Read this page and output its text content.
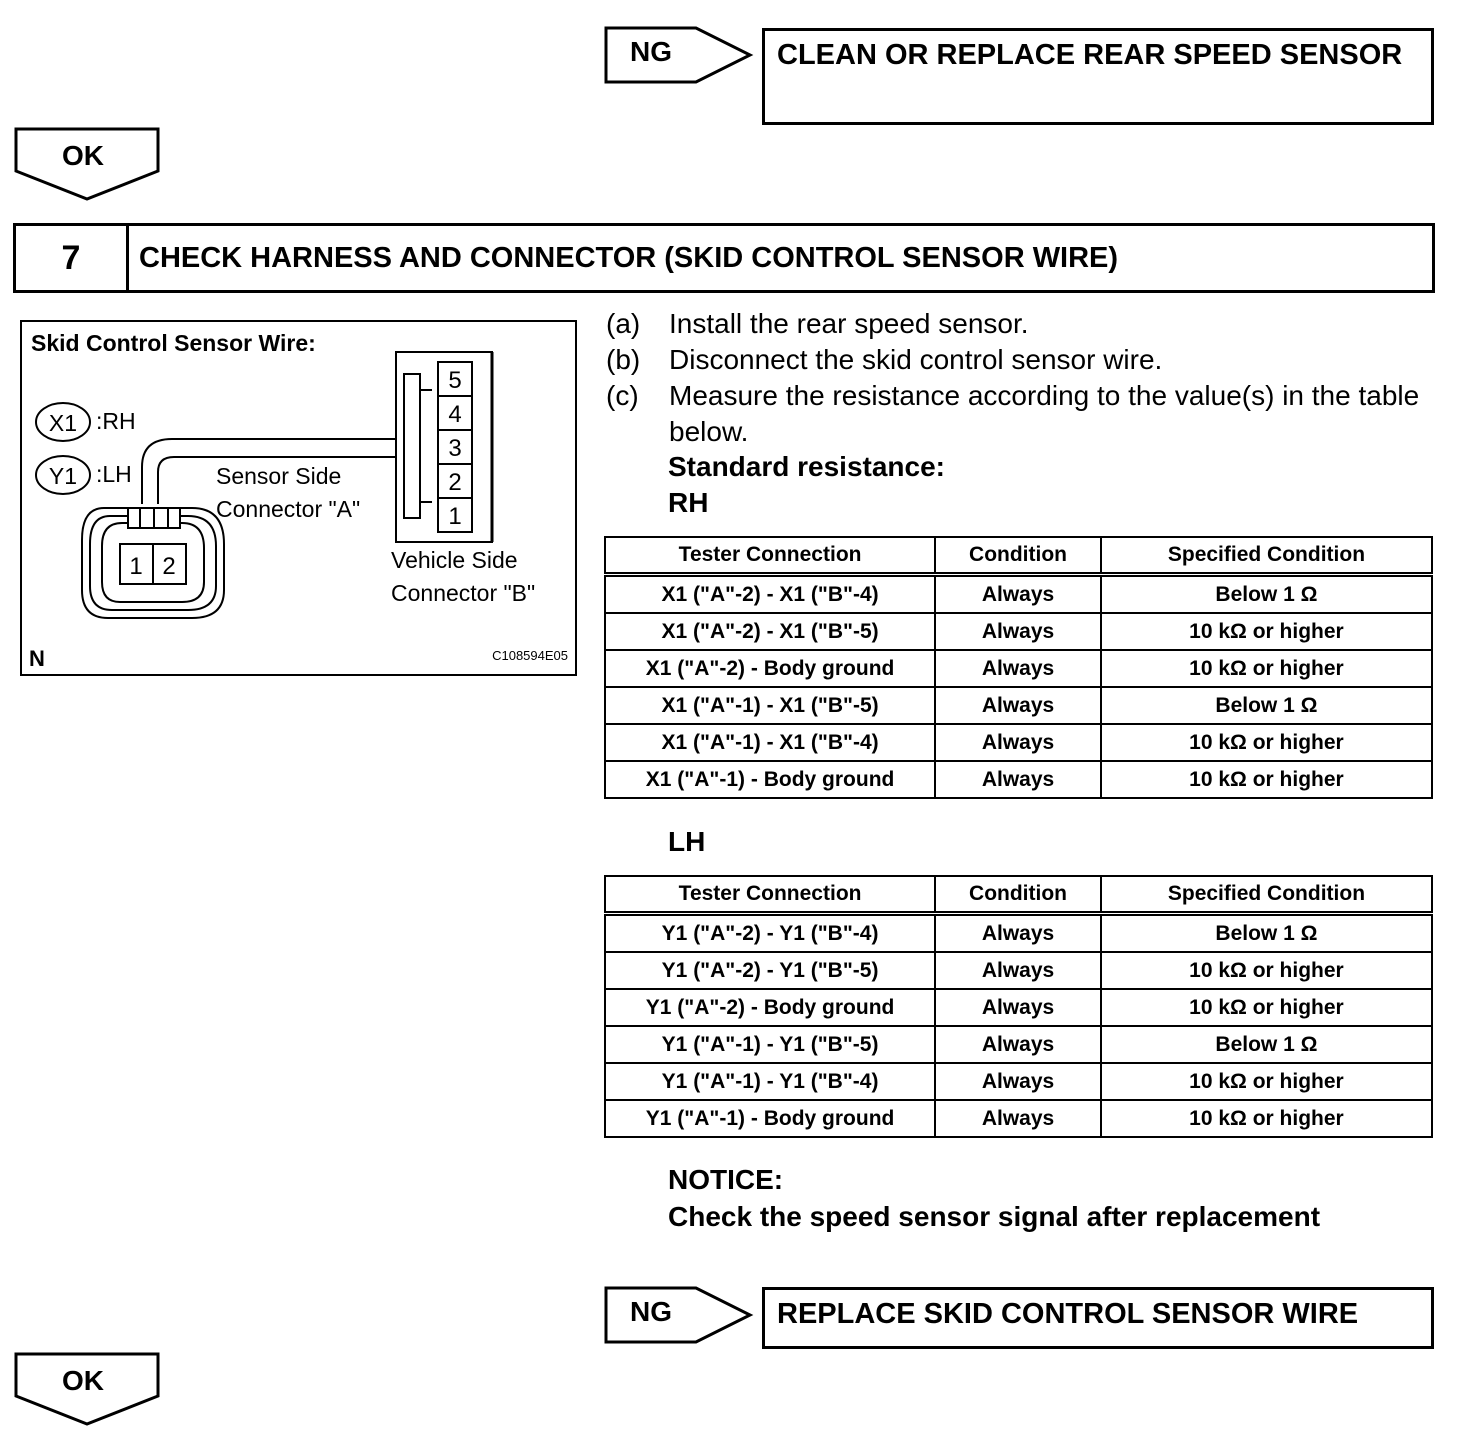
NG	CLEAN OR REPLACE REAR SPEED SENSOR
OK
7	CHECK HARNESS AND CONNECTOR (SKID CONTROL SENSOR WIRE)
Skid Control Sensor Wire:
X1 :RH
Y1 :LH
1 2
Sensor Side
Connector "A"
5
4
3
2
1
Vehicle Side
Connector "B"
N	C108594E05
(a) Install the rear speed sensor.
(b) Disconnect the skid control sensor wire.
(c) Measure the resistance according to the value(s) in the table below.
Standard resistance:
RH
Tester Connection	Condition	Specified Condition
X1 ("A"-2) - X1 ("B"-4)	Always	Below 1 Ω
X1 ("A"-2) - X1 ("B"-5)	Always	10 kΩ or higher
X1 ("A"-2) - Body ground	Always	10 kΩ or higher
X1 ("A"-1) - X1 ("B"-5)	Always	Below 1 Ω
X1 ("A"-1) - X1 ("B"-4)	Always	10 kΩ or higher
X1 ("A"-1) - Body ground	Always	10 kΩ or higher
LH
Tester Connection	Condition	Specified Condition
Y1 ("A"-2) - Y1 ("B"-4)	Always	Below 1 Ω
Y1 ("A"-2) - Y1 ("B"-5)	Always	10 kΩ or higher
Y1 ("A"-2) - Body ground	Always	10 kΩ or higher
Y1 ("A"-1) - Y1 ("B"-5)	Always	Below 1 Ω
Y1 ("A"-1) - Y1 ("B"-4)	Always	10 kΩ or higher
Y1 ("A"-1) - Body ground	Always	10 kΩ or higher
NOTICE:
Check the speed sensor signal after replacement
NG	REPLACE SKID CONTROL SENSOR WIRE
OK
